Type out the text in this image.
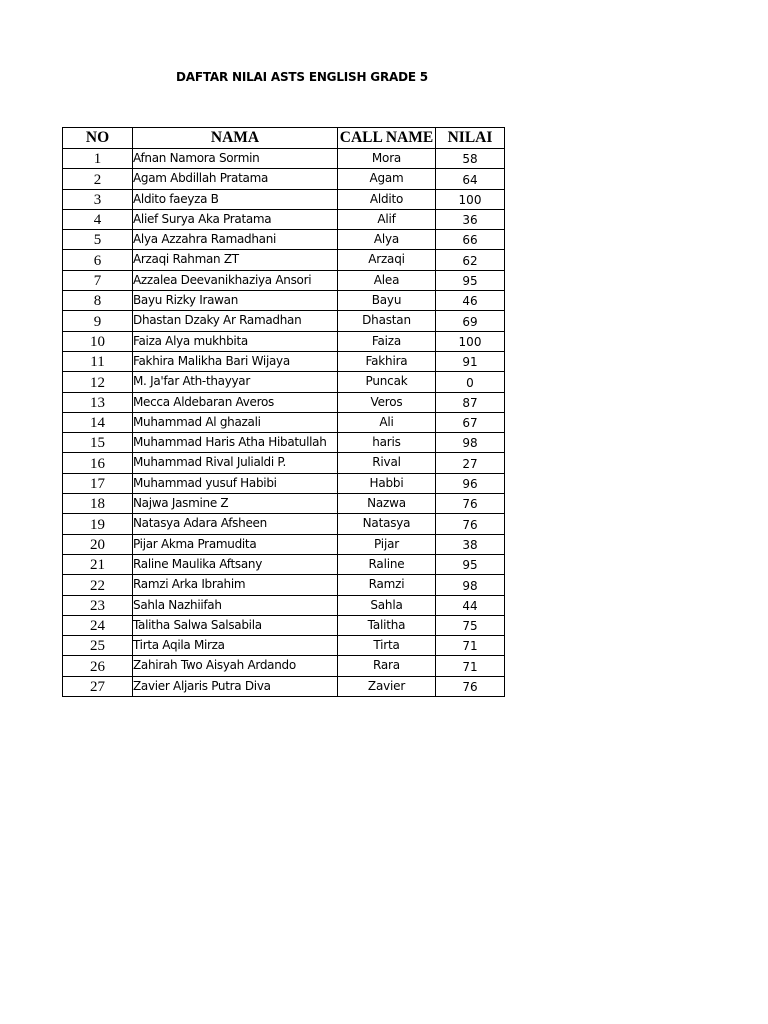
DAFTAR NILAI ASTS ENGLISH GRADE 5
NO	NAMA	CALL NAME	NILAI
1	Afnan Namora Sormin	Mora	58
2	Agam Abdillah Pratama	Agam	64
3	Aldito faeyza B	Aldito	100
4	Alief Surya Aka Pratama	Alif	36
5	Alya Azzahra Ramadhani	Alya	66
6	Arzaqi Rahman ZT	Arzaqi	62
7	Azzalea Deevanikhaziya Ansori	Alea	95
8	Bayu Rizky Irawan	Bayu	46
9	Dhastan Dzaky Ar Ramadhan	Dhastan	69
10	Faiza Alya mukhbita	Faiza	100
11	Fakhira Malikha Bari Wijaya	Fakhira	91
12	M. Ja'far Ath-thayyar	Puncak	0
13	Mecca Aldebaran Averos	Veros	87
14	Muhammad Al ghazali	Ali	67
15	Muhammad Haris Atha Hibatullah	haris	98
16	Muhammad Rival Julialdi P.	Rival	27
17	Muhammad yusuf Habibi	Habbi	96
18	Najwa Jasmine Z	Nazwa	76
19	Natasya Adara Afsheen	Natasya	76
20	Pijar Akma Pramudita	Pijar	38
21	Raline Maulika Aftsany	Raline	95
22	Ramzi Arka Ibrahim	Ramzi	98
23	Sahla Nazhiifah	Sahla	44
24	Talitha Salwa Salsabila	Talitha	75
25	Tirta Aqila Mirza	Tirta	71
26	Zahirah Two Aisyah Ardando	Rara	71
27	Zavier Aljaris Putra Diva	Zavier	76
